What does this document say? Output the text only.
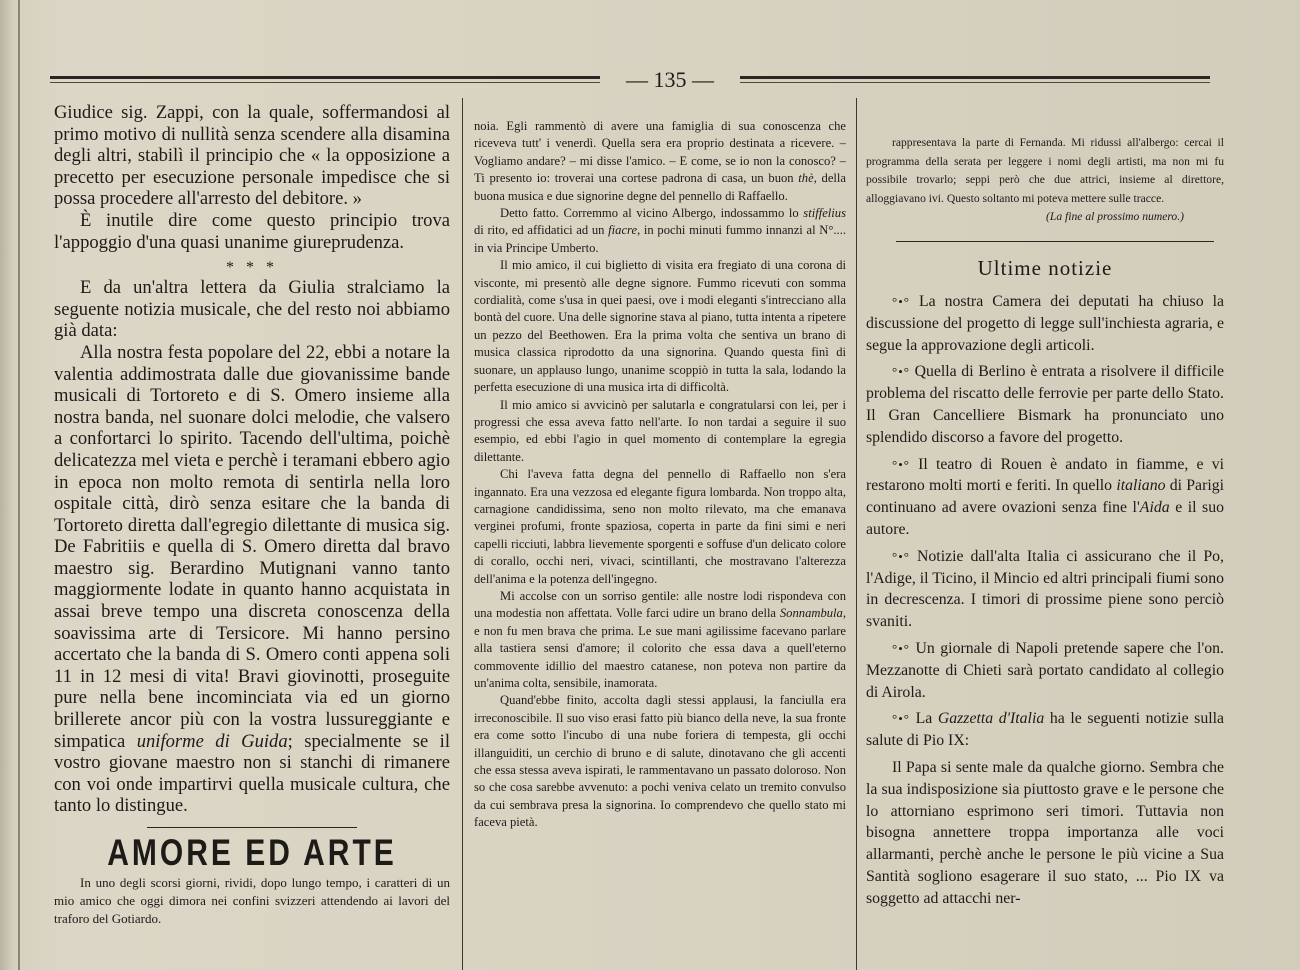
— 135 —

Giudice sig. Zappi, con la quale, soffermandosi al primo motivo di nullità senza scendere alla disamina degli altri, stabilì il principio che « la opposizione a precetto per esecuzione personale impedisce che si possa procedere all'arresto del debitore. »

È inutile dire come questo principio trova l'appoggio d'una quasi unanime giureprudenza.

* * *

E da un'altra lettera da Giulia stralciamo la seguente notizia musicale, che del resto noi abbiamo già data:

Alla nostra festa popolare del 22, ebbi a notare la valentia addimostrata dalle due giovanissime bande musicali di Tortoreto e di S. Omero insieme alla nostra banda, nel suonare dolci melodie, che valsero a confortarci lo spirito. Tacendo dell'ultima, poichè delicatezza mel vieta e perchè i teramani ebbero agio in epoca non molto remota di sentirla nella loro ospitale città, dirò senza esitare che la banda di Tortoreto diretta dall'egregio dilettante di musica sig. De Fabritiis e quella di S. Omero diretta dal bravo maestro sig. Berardino Mutignani vanno tanto maggiormente lodate in quanto hanno acquistata in assai breve tempo una discreta conoscenza della soavissima arte di Tersicore. Mi hanno persino accertato che la banda di S. Omero conti appena soli 11 in 12 mesi di vita! Bravi giovinotti, proseguite pure nella bene incominciata via ed un giorno brillerete ancor più con la vostra lussureggiante e simpatica uniforme di Guida; specialmente se il vostro giovane maestro non si stanchi di rimanere con voi onde impartirvi quella musicale cultura, che tanto lo distingue.

AMORE ED ARTE

In uno degli scorsi giorni, rividi, dopo lungo tempo, i caratteri di un mio amico che oggi dimora nei confini svizzeri attendendo ai lavori del traforo del Gotiardo.

noia. Egli rammentò di avere una famiglia di sua conoscenza che riceveva tutt' i venerdì. Quella sera era proprio destinata a ricevere. – Vogliamo andare? – mi disse l'amico. – E come, se io non la conosco? – Ti presento io: troverai una cortese padrona di casa, un buon thè, della buona musica e due signorine degne del pennello di Raffaello.

Detto fatto. Corremmo al vicino Albergo, indossammo lo stiffelius di rito, ed affidatici ad un fiacre, in pochi minuti fummo innanzi al N°.... in via Principe Umberto.

Il mio amico, il cui biglietto di visita era fregiato di una corona di visconte, mi presentò alle degne signore. Fummo ricevuti con somma cordialità, come s'usa in quei paesi, ove i modi eleganti s'intrecciano alla bontà del cuore. Una delle signorine stava al piano, tutta intenta a ripetere un pezzo del Beethowen. Era la prima volta che sentiva un brano di musica classica riprodotto da una signorina. Quando questa finì di suonare, un applauso lungo, unanime scoppiò in tutta la sala, lodando la perfetta esecuzione di una musica irta di difficoltà.

Il mio amico si avvicinò per salutarla e congratularsi con lei, per i progressi che essa aveva fatto nell'arte. Io non tardai a seguire il suo esempio, ed ebbi l'agio in quel momento di contemplare la egregia dilettante.

Chi l'aveva fatta degna del pennello di Raffaello non s'era ingannato. Era una vezzosa ed elegante figura lombarda. Non troppo alta, carnagione candidissima, seno non molto rilevato, ma che emanava verginei profumi, fronte spaziosa, coperta in parte da fini simi e neri capelli ricciuti, labbra lievemente sporgenti e soffuse d'un delicato colore di corallo, occhi neri, vivaci, scintillanti, che mostravano l'alterezza dell'anima e la potenza dell'ingegno.

Mi accolse con un sorriso gentile: alle nostre lodi rispondeva con una modestia non affettata. Volle farci udire un brano della Sonnambula, e non fu men brava che prima. Le sue mani agilissime facevano parlare alla tastiera sensi d'amore; il colorito che essa dava a quell'eterno commovente idillio del maestro catanese, non poteva non partire da un'anima colta, sensibile, inamorata.

Quand'ebbe finito, accolta dagli stessi applausi, la fanciulla era irreconoscibile. Il suo viso erasi fatto più bianco della neve, la sua fronte era come sotto l'incubo di una nube foriera di tempesta, gli occhi illanguiditi, un cerchio di bruno e di salute, dinotavano che gli accenti che essa stessa aveva ispirati, le rammentavano un passato doloroso. Non so che cosa sarebbe avvenuto: a pochi veniva celato un tremito convulso da cui sembrava presa la signorina. Io comprendevo che quello stato mi faceva pietà.

rappresentava la parte di Fernanda. Mi ridussi all'albergo: cercai il programma della serata per leggere i nomi degli artisti, ma non mi fu possibile trovarlo; seppi però che due attrici, insieme al direttore, alloggiavano ivi. Questo soltanto mi poteva mettere sulle tracce.

(La fine al prossimo numero.)

Ultime notizie

°•° La nostra Camera dei deputati ha chiuso la discussione del progetto di legge sull'inchiesta agraria, e segue la approvazione degli articoli.

°•° Quella di Berlino è entrata a risolvere il difficile problema del riscatto delle ferrovie per parte dello Stato. Il Gran Cancelliere Bismark ha pronunciato uno splendido discorso a favore del progetto.

°•° Il teatro di Rouen è andato in fiamme, e vi restarono molti morti e feriti. In quello italiano di Parigi continuano ad avere ovazioni senza fine l'Aida e il suo autore.

°•° Notizie dall'alta Italia ci assicurano che il Po, l'Adige, il Ticino, il Mincio ed altri principali fiumi sono in decrescenza. I timori di prossime piene sono perciò svaniti.

°•° Un giornale di Napoli pretende sapere che l'on. Mezzanotte di Chieti sarà portato candidato al collegio di Airola.

°•° La Gazzetta d'Italia ha le seguenti notizie sulla salute di Pio IX:

Il Papa si sente male da qualche giorno. Sembra che la sua indisposizione sia piuttosto grave e le persone che lo attorniano esprimono seri timori. Tuttavia non bisogna annettere troppa importanza alle voci allarmanti, perchè anche le persone le più vicine a Sua Santità sogliono esagerare il suo stato, ... Pio IX va soggetto ad attacchi ner-
